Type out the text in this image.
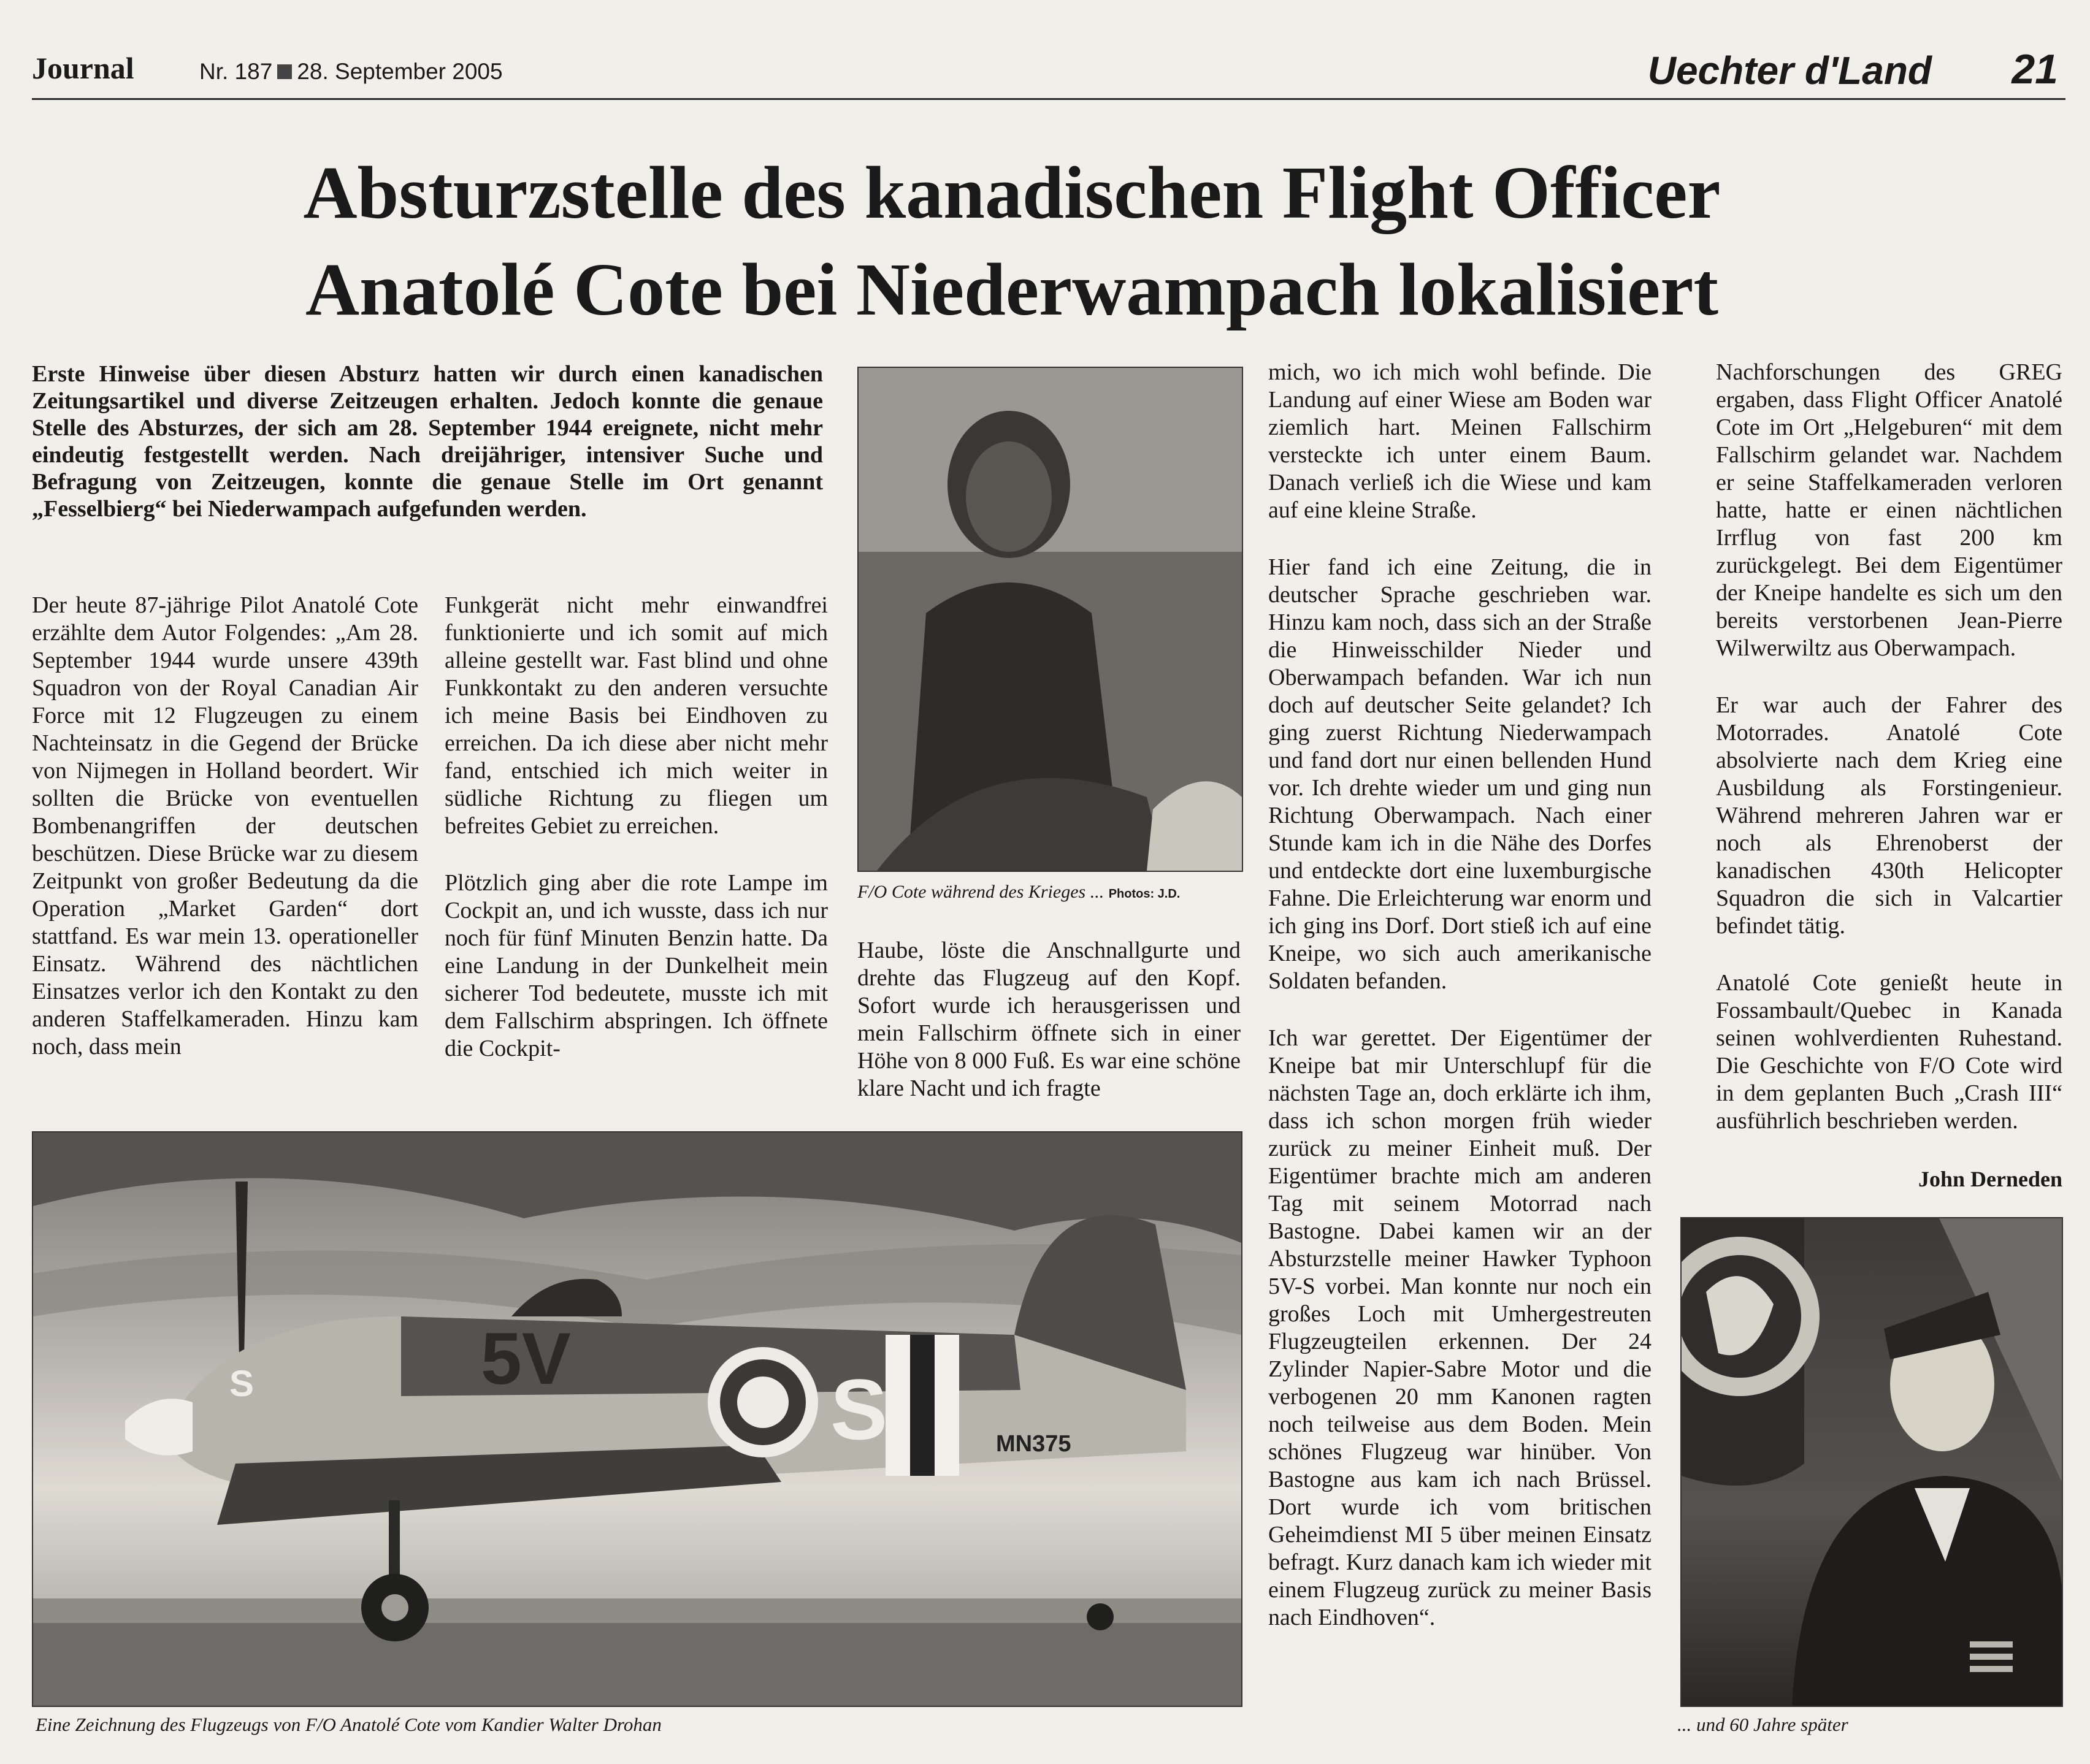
Journal	Nr. 187 28. September 2005	Uechter d'Land 21
Absturzstelle des kanadischen Flight Officer
Anatolé Cote bei Niederwampach lokalisiert
Erste Hinweise über diesen Absturz hatten wir durch einen kanadischen Zeitungsartikel und diverse Zeitzeugen erhalten. Jedoch konnte die genaue Stelle des Absturzes, der sich am 28. September 1944 ereignete, nicht mehr eindeutig festgestellt werden. Nach dreijähriger, intensiver Suche und Befragung von Zeitzeugen, konnte die genaue Stelle im Ort genannt „Fesselbierg“ bei Niederwampach aufgefunden werden.

Der heute 87-jährige Pilot Anatolé Cote erzählte dem Autor Folgendes: „Am 28. September 1944 wurde unsere 439th Squadron von der Royal Canadian Air Force mit 12 Flugzeugen zu einem Nachteinsatz in die Gegend der Brücke von Nijmegen in Holland beordert. Wir sollten die Brücke von eventuellen Bombenangriffen der deutschen beschützen. Diese Brücke war zu diesem Zeitpunkt von großer Bedeutung da die Operation „Market Garden“ dort stattfand. Es war mein 13. operationeller Einsatz. Während des nächtlichen Einsatzes verlor ich den Kontakt zu den anderen Staffelkameraden. Hinzu kam noch, dass mein

Funkgerät nicht mehr einwandfrei funktionierte und ich somit auf mich alleine gestellt war. Fast blind und ohne Funkkontakt zu den anderen versuchte ich meine Basis bei Eindhoven zu erreichen. Da ich diese aber nicht mehr fand, entschied ich mich weiter in südliche Richtung zu fliegen um befreites Gebiet zu erreichen.

Plötzlich ging aber die rote Lampe im Cockpit an, und ich wusste, dass ich nur noch für fünf Minuten Benzin hatte. Da eine Landung in der Dunkelheit mein sicherer Tod bedeutete, musste ich mit dem Fallschirm abspringen. Ich öffnete die Cockpit-

F/O Cote während des Krieges ... Photos: J.D.

Haube, löste die Anschnallgurte und drehte das Flugzeug auf den Kopf. Sofort wurde ich herausgerissen und mein Fallschirm öffnete sich in einer Höhe von 8 000 Fuß. Es war eine schöne klare Nacht und ich fragte

mich, wo ich mich wohl befinde. Die Landung auf einer Wiese am Boden war ziemlich hart. Meinen Fallschirm versteckte ich unter einem Baum. Danach verließ ich die Wiese und kam auf eine kleine Straße.

Hier fand ich eine Zeitung, die in deutscher Sprache geschrieben war. Hinzu kam noch, dass sich an der Straße die Hinweisschilder Nieder und Oberwampach befanden. War ich nun doch auf deutscher Seite gelandet? Ich ging zuerst Richtung Niederwampach und fand dort nur einen bellenden Hund vor. Ich drehte wieder um und ging nun Richtung Oberwampach. Nach einer Stunde kam ich in die Nähe des Dorfes und entdeckte dort eine luxemburgische Fahne. Die Erleichterung war enorm und ich ging ins Dorf. Dort stieß ich auf eine Kneipe, wo sich auch amerikanische Soldaten befanden.

Ich war gerettet. Der Eigentümer der Kneipe bat mir Unterschlupf für die nächsten Tage an, doch erklärte ich ihm, dass ich schon morgen früh wieder zurück zu meiner Einheit muß. Der Eigentümer brachte mich am anderen Tag mit seinem Motorrad nach Bastogne. Dabei kamen wir an der Absturzstelle meiner Hawker Typhoon 5V-S vorbei. Man konnte nur noch ein großes Loch mit Umhergestreuten Flugzeugteilen erkennen. Der 24 Zylinder Napier-Sabre Motor und die verbogenen 20 mm Kanonen ragten noch teilweise aus dem Boden. Mein schönes Flugzeug war hinüber. Von Bastogne aus kam ich nach Brüssel. Dort wurde ich vom britischen Geheimdienst MI 5 über meinen Einsatz befragt. Kurz danach kam ich wieder mit einem Flugzeug zurück zu meiner Basis nach Eindhoven“.

Nachforschungen des GREG ergaben, dass Flight Officer Anatolé Cote im Ort „Helgeburen“ mit dem Fallschirm gelandet war. Nachdem er seine Staffelkameraden verloren hatte, hatte er einen nächtlichen Irrflug von fast 200 km zurückgelegt. Bei dem Eigentümer der Kneipe handelte es sich um den bereits verstorbenen Jean-Pierre Wilwerwiltz aus Oberwampach.

Er war auch der Fahrer des Motorrades. Anatolé Cote absolvierte nach dem Krieg eine Ausbildung als Forstingenieur. Während mehreren Jahren war er noch als Ehrenoberst der kanadischen 430th Helicopter Squadron die sich in Valcartier befindet tätig.

Anatolé Cote genießt heute in Fossambault/Quebec in Kanada seinen wohlverdienten Ruhestand. Die Geschichte von F/O Cote wird in dem geplanten Buch „Crash III“ ausführlich beschrieben werden.

John Derneden
5V
S
S
MN375
Eine Zeichnung des Flugzeugs von F/O Anatolé Cote vom Kandier Walter Drohan	... und 60 Jahre später
